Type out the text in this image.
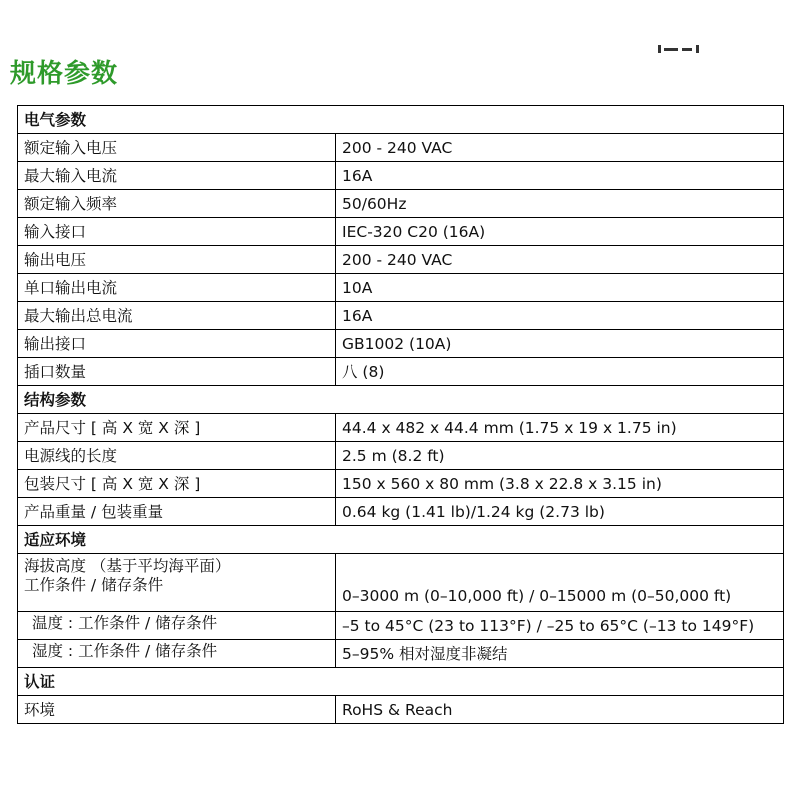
规格参数
电气参数	
额定输入电压	200 - 240 VAC
最大输入电流	16A
额定输入频率	50/60Hz
输入接口	IEC-320 C20 (16A)
输出电压	200 - 240 VAC
单口输出电流	10A
最大输出总电流	16A
输出接口	GB1002 (10A)
插口数量	八 (8)
结构参数	
产品尺寸 [ 高 X 宽 X 深 ]	44.4 x 482 x 44.4 mm (1.75 x 19 x 1.75 in)
电源线的长度	2.5 m (8.2 ft)
包装尺寸 [ 高 X 宽 X 深 ]	150 x 560 x 80 mm (3.8 x 22.8 x 3.15 in)
产品重量 / 包装重量	0.64 kg (1.41 lb)/1.24 kg (2.73 lb)
适应环境	

海拔高度 （基于平均海平面）
工作条件 / 储存条件	0–3000 m (0–10,000 ft) / 0–15000 m (0–50,000 ft)
温度 : 工作条件 / 储存条件	–5 to 45°C (23 to 113°F) / –25 to 65°C (–13 to 149°F)
湿度 : 工作条件 / 储存条件	5–95% 相对湿度非凝结
认证	
环境	RoHS & Reach
